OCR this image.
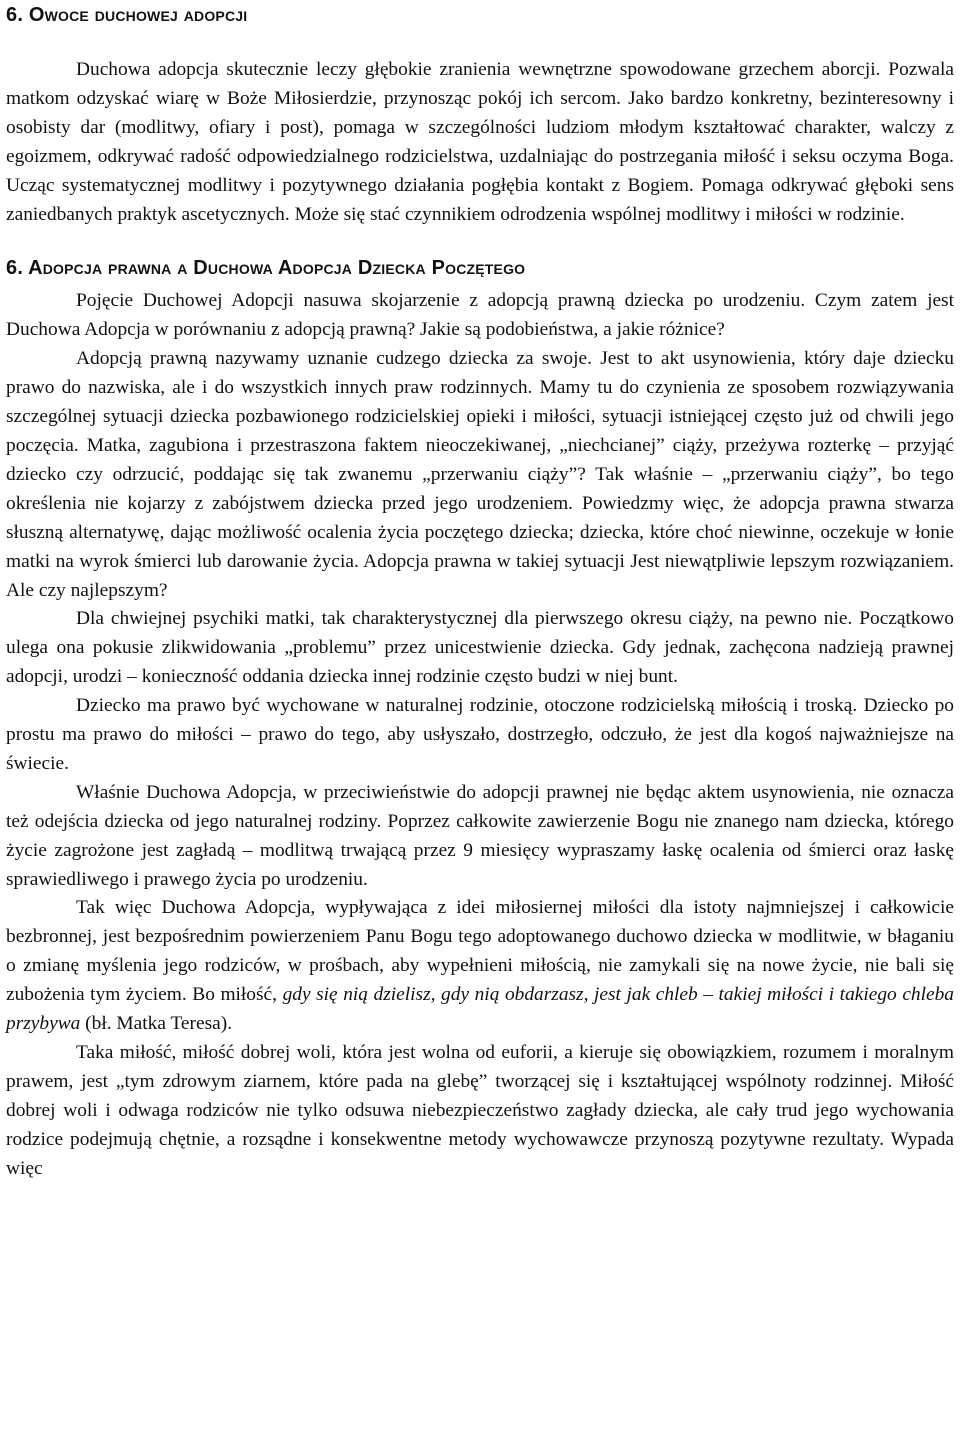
6. Owoce duchowej adopcji

Duchowa adopcja skutecznie leczy głębokie zranienia wewnętrzne spowodowane grzechem aborcji. Pozwala matkom odzyskać wiarę w Boże Miłosierdzie, przynosząc pokój ich sercom. Jako bardzo konkretny, bezinteresowny i osobisty dar (modlitwy, ofiary i post), pomaga w szczególności ludziom młodym kształtować charakter, walczy z egoizmem, odkrywać radość odpowiedzialnego rodzicielstwa, uzdalniając do postrzegania miłość i seksu oczyma Boga. Ucząc systematycznej modlitwy i pozytywnego działania pogłębia kontakt z Bogiem. Pomaga odkrywać głęboki sens zaniedbanych praktyk ascetycznych. Może się stać czynnikiem odrodzenia wspólnej modlitwy i miłości w rodzinie.

6. Adopcja prawna a Duchowa Adopcja Dziecka Poczętego

Pojęcie Duchowej Adopcji nasuwa skojarzenie z adopcją prawną dziecka po urodzeniu. Czym zatem jest Duchowa Adopcja w porównaniu z adopcją prawną? Jakie są podobieństwa, a jakie różnice?

Adopcją prawną nazywamy uznanie cudzego dziecka za swoje. Jest to akt usynowienia, który daje dziecku prawo do nazwiska, ale i do wszystkich innych praw rodzinnych. Mamy tu do czynienia ze sposobem rozwiązywania szczególnej sytuacji dziecka pozbawionego rodzicielskiej opieki i miłości, sytuacji istniejącej często już od chwili jego poczęcia. Matka, zagubiona i przestraszona faktem nieoczekiwanej, „niechcianej” ciąży, przeżywa rozterkę – przyjąć dziecko czy odrzucić, poddając się tak zwanemu „przerwaniu ciąży”? Tak właśnie – „przerwaniu ciąży”, bo tego określenia nie kojarzy z zabójstwem dziecka przed jego urodzeniem. Powiedzmy więc, że adopcja prawna stwarza słuszną alternatywę, dając możliwość ocalenia życia poczętego dziecka; dziecka, które choć niewinne, oczekuje w łonie matki na wyrok śmierci lub darowanie życia. Adopcja prawna w takiej sytuacji Jest niewątpliwie lepszym rozwiązaniem. Ale czy najlepszym?

Dla chwiejnej psychiki matki, tak charakterystycznej dla pierwszego okresu ciąży, na pewno nie. Początkowo ulega ona pokusie zlikwidowania „problemu” przez unicestwienie dziecka. Gdy jednak, zachęcona nadzieją prawnej adopcji, urodzi – konieczność oddania dziecka innej rodzinie często budzi w niej bunt.

Dziecko ma prawo być wychowane w naturalnej rodzinie, otoczone rodzicielską miłością i troską. Dziecko po prostu ma prawo do miłości – prawo do tego, aby usłyszało, dostrzegło, odczuło, że jest dla kogoś najważniejsze na świecie.

Właśnie Duchowa Adopcja, w przeciwieństwie do adopcji prawnej nie będąc aktem usynowienia, nie oznacza też odejścia dziecka od jego naturalnej rodziny. Poprzez całkowite zawierzenie Bogu nie znanego nam dziecka, którego życie zagrożone jest zagładą – modlitwą trwającą przez 9 miesięcy wypraszamy łaskę ocalenia od śmierci oraz łaskę sprawiedliwego i prawego życia po urodzeniu.

Tak więc Duchowa Adopcja, wypływająca z idei miłosiernej miłości dla istoty najmniejszej i całkowicie bezbronnej, jest bezpośrednim powierzeniem Panu Bogu tego adoptowanego duchowo dziecka w modlitwie, w błaganiu o zmianę myślenia jego rodziców, w prośbach, aby wypełnieni miłością, nie zamykali się na nowe życie, nie bali się zubożenia tym życiem. Bo miłość, gdy się nią dzielisz, gdy nią obdarzasz, jest jak chleb – takiej miłości i takiego chleba przybywa (bł. Matka Teresa).

Taka miłość, miłość dobrej woli, która jest wolna od euforii, a kieruje się obowiązkiem, rozumem i moralnym prawem, jest „tym zdrowym ziarnem, które pada na glebę” tworzącej się i kształtującej wspólnoty rodzinnej. Miłość dobrej woli i odwaga rodziców nie tylko odsuwa niebezpieczeństwo zagłady dziecka, ale cały trud jego wychowania rodzice podejmują chętnie, a rozsądne i konsekwentne metody wychowawcze przynoszą pozytywne rezultaty. Wypada więc
